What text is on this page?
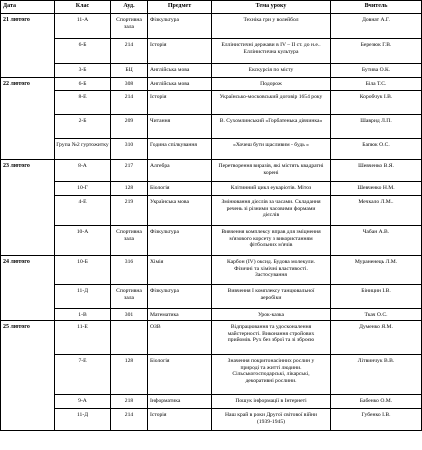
Дата	Клас	Ауд.	Предмет	Тема уроку	Вчитель
21 лютого	11-А	Спортивна зала	Фізкультура	Техніка гри у волейбол	Довнат А.Г.
	6-Б	214	Історія	Еллінистичні держави в IV – II ст. до н.е.. Еллінистична культура	Березюк Г.В.
	3-Б	БЦ	Англійська мова	Екскурсія по місту	Бутива О.К.
22 лютого	6-Б	308	Англійська мова	Подорож	Біла Т.С.
	8-Е	214	Історія	Українсько-московський договір 1654 року	Коробчук І.В.
	2-Б	209	Читання	В. Сухомлинський «Горбатенька дівчинка»	Шаврид Л.П.
	Група №2 гуртожитку	310	Година спілкування	«Хочеш бути щасливим - будь »	Бапюк О.С.
23 лютого	8-А	217	Алгебра	Перетворення виразів, які містять квадратні корені	Шевченко В.Я.
	10-Г	128	Біологія	Клітинний цикл еукаріотів. Мітоз	Шевченко Н.М.
	4-Е	219	Українська мова	Змінювання дієслів за часами. Складання речень зі різними часовими формами дієслів	Мечкало Л.М..
	10-А	Спортивна зала	Фізкультура	Вивчення комплексу вправ для зміцнення м'язового корсету з використанням фітбольних м'ячів	Чабан А.В.
24 лютого	10-Б	316	Хімія	Карбон (IV) оксид. Будова молекули. Фізичні та хімічні властивості. Застосування	Мураненець Л.М.
	11-Д	Спортивна зала	Фізкультура	Вивчення І комплексу танцювальної аеробіки	Біницин І.В.
	1-В	301	Математика	Урок-казка	Ткач О.С.
25 лютого	11-Е		ОЗВ	Відпрацювання та удосконалення майстерності. Виконання стройових прийомів. Рух без зброї та зі зброєю	Думенко Я.М.
	7-Е	128	Біологія	Значення покритонасінних рослин у природі та житті людини. Сільськогосподарські, лікарські, декоративні рослини.	Літвинчук В.В.
	9-А	218	Інформатика	Пошук інформації в Інтернеті	Бабенко О.М.
	11-Д	214	Історія	Наш край в роки Другої світової війни (1939-1945)	Губенко І.В.
